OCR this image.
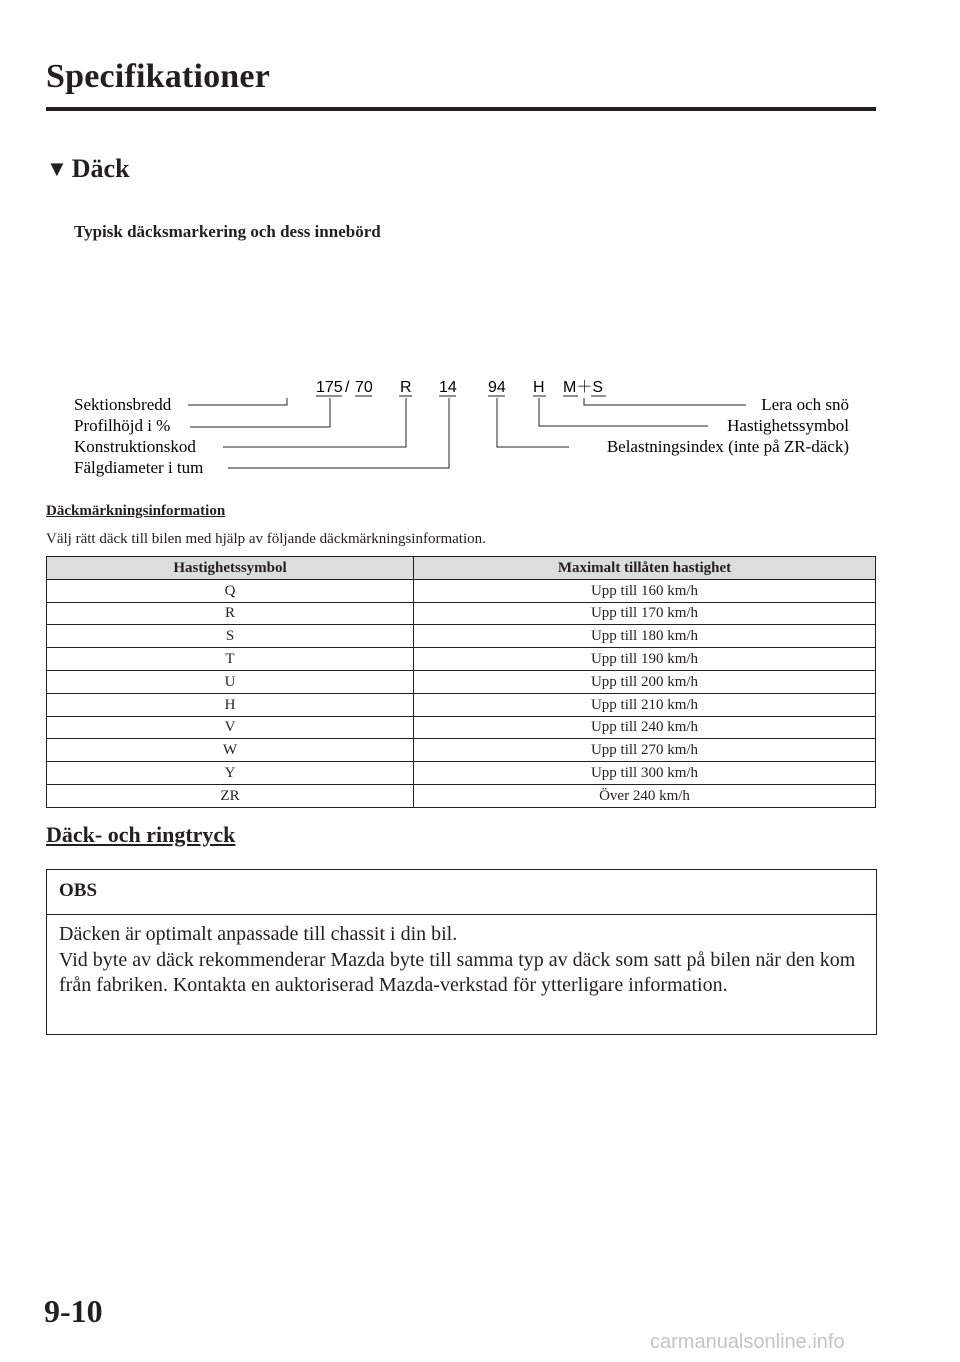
Specifikationer
▼ Däck
Typisk däcksmarkering och dess innebörd
175 / 70 R 14 94 H M＋S
Sektionsbredd
Profilhöjd i %
Konstruktionskod
Fälgdiameter i tum
Lera och snö
Hastighetssymbol
Belastningsindex (inte på ZR-däck)
Däckmärkningsinformation
Välj rätt däck till bilen med hjälp av följande däckmärkningsinformation.
Hastighetssymbol	Maximalt tillåten hastighet
Q	Upp till 160 km/h
R	Upp till 170 km/h
S	Upp till 180 km/h
T	Upp till 190 km/h
U	Upp till 200 km/h
H	Upp till 210 km/h
V	Upp till 240 km/h
W	Upp till 270 km/h
Y	Upp till 300 km/h
ZR	Över 240 km/h
Däck- och ringtryck
OBS

Däcken är optimalt anpassade till chassit i din bil.

Vid byte av däck rekommenderar Mazda byte till samma typ av däck som satt på bilen när den kom från fabriken. Kontakta en auktoriserad Mazda-verkstad för ytterligare information.

9-10
carmanualsonline.info
